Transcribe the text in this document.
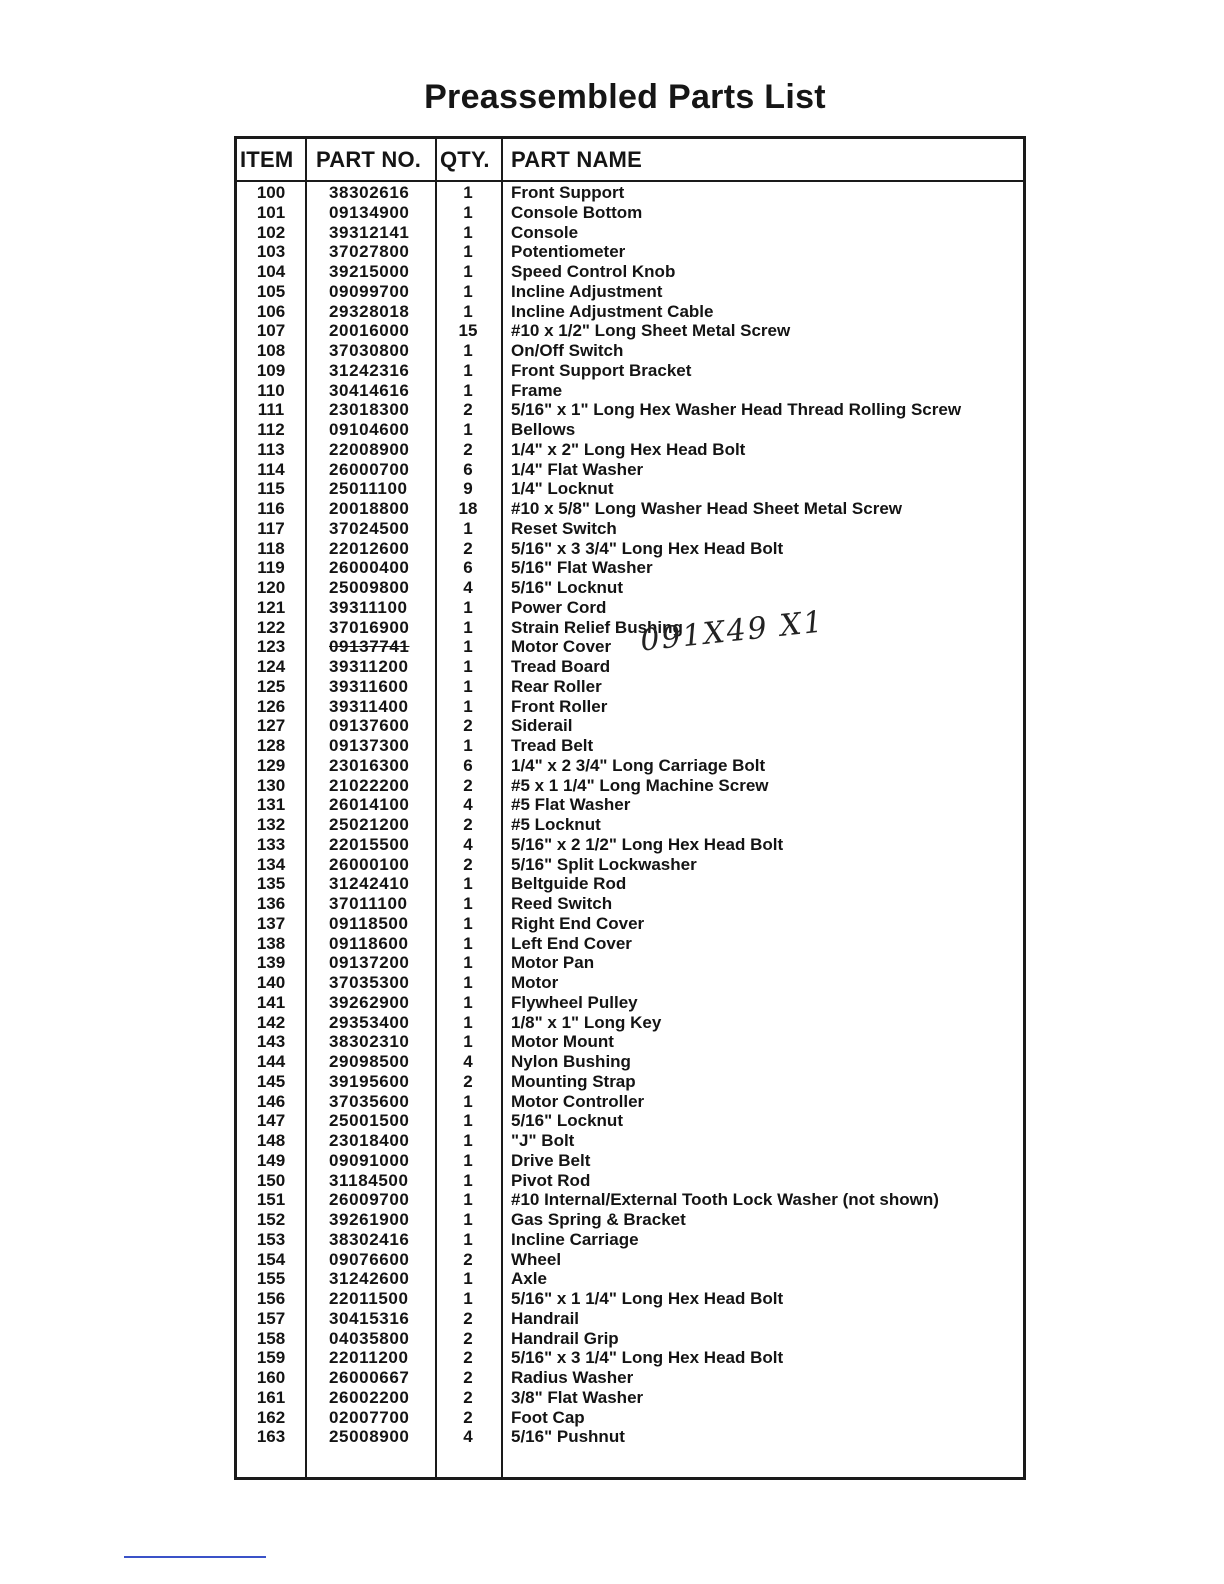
Preassembled Parts List
ITEM PART NO. QTY. PART NAME
100	38302616	1	Front Support
101	09134900	1	Console Bottom
102	39312141	1	Console
103	37027800	1	Potentiometer
104	39215000	1	Speed Control Knob
105	09099700	1	Incline Adjustment
106	29328018	1	Incline Adjustment Cable
107	20016000	15	#10 x 1/2" Long Sheet Metal Screw
108	37030800	1	On/Off Switch
109	31242316	1	Front Support Bracket
110	30414616	1	Frame
111	23018300	2	5/16" x 1" Long Hex Washer Head Thread Rolling Screw
112	09104600	1	Bellows
113	22008900	2	1/4" x 2" Long Hex Head Bolt
114	26000700	6	1/4" Flat Washer
115	25011100	9	1/4" Locknut
116	20018800	18	#10 x 5/8" Long Washer Head Sheet Metal Screw
117	37024500	1	Reset Switch
118	22012600	2	5/16" x 3 3/4" Long Hex Head Bolt
119	26000400	6	5/16" Flat Washer
120	25009800	4	5/16" Locknut
121	39311100	1	Power Cord
122	37016900	1	Strain Relief Bushing
123	09137741	1	Motor Cover
124	39311200	1	Tread Board
125	39311600	1	Rear Roller
126	39311400	1	Front Roller
127	09137600	2	Siderail
128	09137300	1	Tread Belt
129	23016300	6	1/4" x 2 3/4" Long Carriage Bolt
130	21022200	2	#5 x 1 1/4" Long Machine Screw
131	26014100	4	#5 Flat Washer
132	25021200	2	#5 Locknut
133	22015500	4	5/16" x 2 1/2" Long Hex Head Bolt
134	26000100	2	5/16" Split Lockwasher
135	31242410	1	Beltguide Rod
136	37011100	1	Reed Switch
137	09118500	1	Right End Cover
138	09118600	1	Left End Cover
139	09137200	1	Motor Pan
140	37035300	1	Motor
141	39262900	1	Flywheel Pulley
142	29353400	1	1/8" x 1" Long Key
143	38302310	1	Motor Mount
144	29098500	4	Nylon Bushing
145	39195600	2	Mounting Strap
146	37035600	1	Motor Controller
147	25001500	1	5/16" Locknut
148	23018400	1	"J" Bolt
149	09091000	1	Drive Belt
150	31184500	1	Pivot Rod
151	26009700	1	#10 Internal/External Tooth Lock Washer (not shown)
152	39261900	1	Gas Spring & Bracket
153	38302416	1	Incline Carriage
154	09076600	2	Wheel
155	31242600	1	Axle
156	22011500	1	5/16" x 1 1/4" Long Hex Head Bolt
157	30415316	2	Handrail
158	04035800	2	Handrail Grip
159	22011200	2	5/16" x 3 1/4" Long Hex Head Bolt
160	26000667	2	Radius Washer
161	26002200	2	3/8" Flat Washer
162	02007700	2	Foot Cap
163	25008900	4	5/16" Pushnut
091X49 X1
